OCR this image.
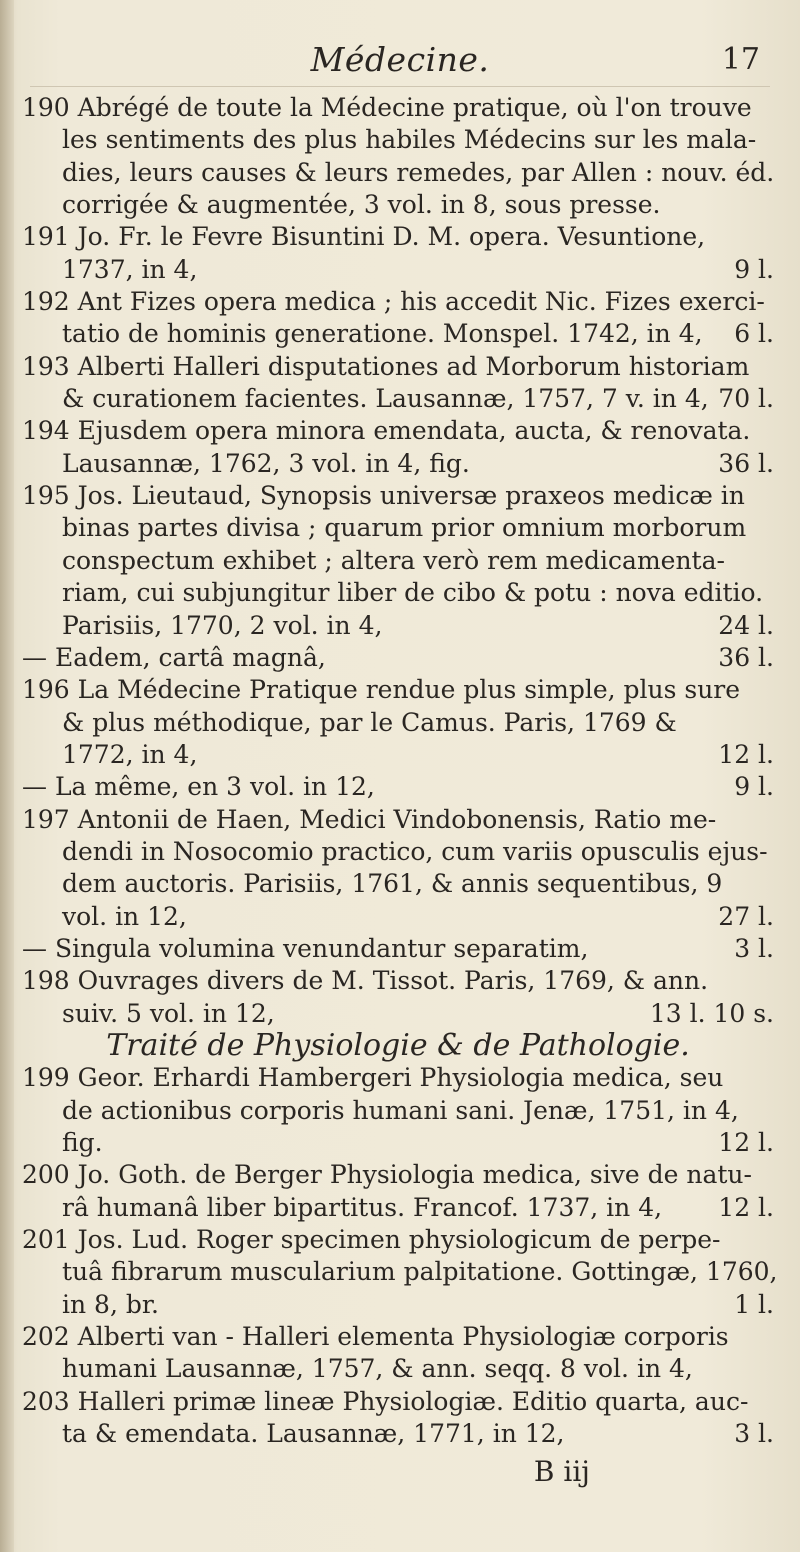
Médecine.	17
190 Abrégé de toute la Médecine pratique, où l'on trouve
les sentiments des plus habiles Médecins sur les mala-
dies, leurs causes & leurs remedes, par Allen : nouv. éd.
corrigée & augmentée, 3 vol. in 8, sous presse.
191 Jo. Fr. le Fevre Bisuntini D. M. opera. Vesuntione,
1737, in 4,	9 l.
192 Ant Fizes opera medica ; his accedit Nic. Fizes exerci-
tatio de hominis generatione. Monspel. 1742, in 4, 6 l.
193 Alberti Halleri disputationes ad Morborum historiam
& curationem facientes. Lausannæ, 1757, 7 v. in 4, 70 l.
194 Ejusdem opera minora emendata, aucta, & renovata.
Lausannæ, 1762, 3 vol. in 4, fig.	36 l.
195 Jos. Lieutaud, Synopsis universæ praxeos medicæ in
binas partes divisa ; quarum prior omnium morborum
conspectum exhibet ; altera verò rem medicamenta-
riam, cui subjungitur liber de cibo & potu : nova editio.
Parisiis, 1770, 2 vol. in 4,	24 l.
— Eadem, cartâ magnâ,	36 l.
196 La Médecine Pratique rendue plus simple, plus sure
& plus méthodique, par le Camus. Paris, 1769 &
1772, in 4,	12 l.
— La même, en 3 vol. in 12,	9 l.
197 Antonii de Haen, Medici Vindobonensis, Ratio me-
dendi in Nosocomio practico, cum variis opusculis ejus-
dem auctoris. Parisiis, 1761, & annis sequentibus, 9
vol. in 12,	27 l.
— Singula volumina venundantur separatim,	3 l.
198 Ouvrages divers de M. Tissot. Paris, 1769, & ann.
suiv. 5 vol. in 12,	13 l. 10 s.
Traité de Physiologie & de Pathologie.
199 Geor. Erhardi Hambergeri Physiologia medica, seu
de actionibus corporis humani sani. Jenæ, 1751, in 4,
fig.	12 l.
200 Jo. Goth. de Berger Physiologia medica, sive de natu-
râ humanâ liber bipartitus. Francof. 1737, in 4, 12 l.
201 Jos. Lud. Roger specimen physiologicum de perpe-
tuâ fibrarum muscularium palpitatione. Gottingæ, 1760,
in 8, br.	1 l.
202 Alberti van - Halleri elementa Physiologiæ corporis
humani Lausannæ, 1757, & ann. seqq. 8 vol. in 4,
203 Halleri primæ lineæ Physiologiæ. Editio quarta, auc-
ta & emendata. Lausannæ, 1771, in 12,	3 l.
B iij
